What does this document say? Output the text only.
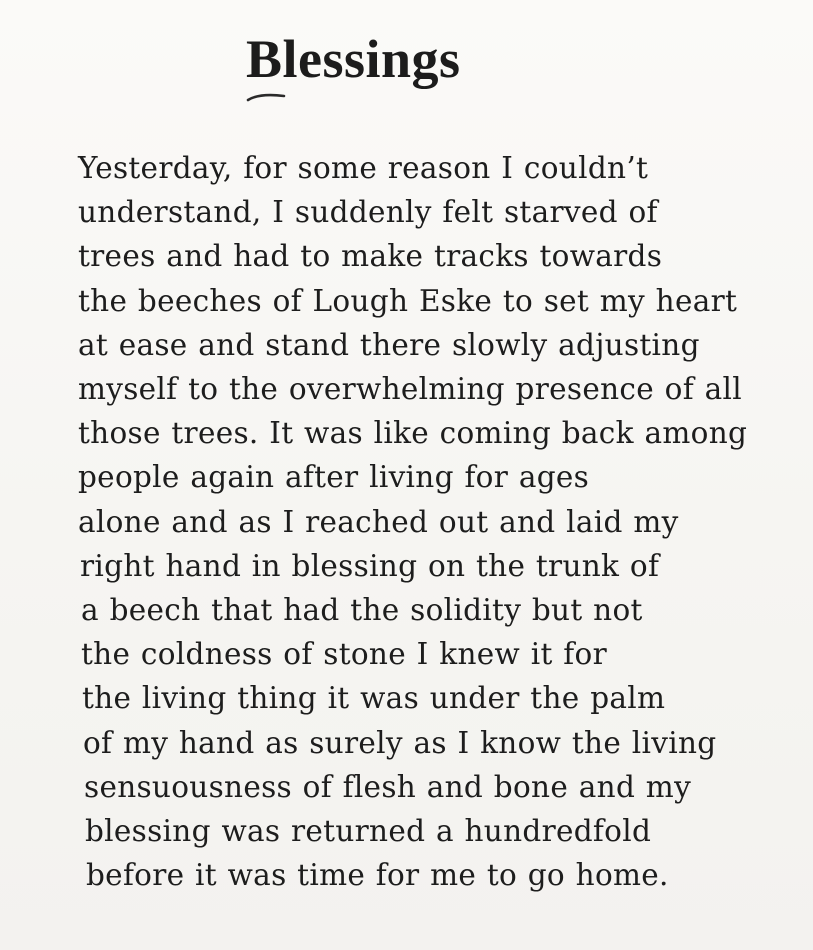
Blessings
Yesterday, for some reason I couldn’t
understand, I suddenly felt starved of
trees and had to make tracks towards
the beeches of Lough Eske to set my heart
at ease and stand there slowly adjusting
myself to the overwhelming presence of all
those trees. It was like coming back among
people again after living for ages
alone and as I reached out and laid my
right hand in blessing on the trunk of
a beech that had the solidity but not
the coldness of stone I knew it for
the living thing it was under the palm
of my hand as surely as I know the living
sensuousness of flesh and bone and my
blessing was returned a hundredfold
before it was time for me to go home.
